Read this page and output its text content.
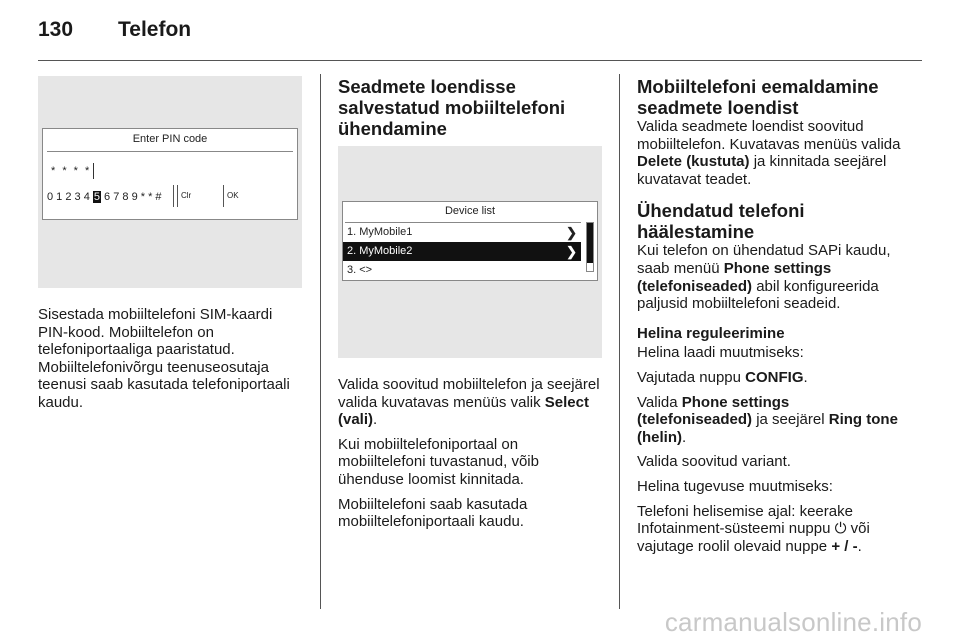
130	Telefon
Enter PIN code
* * * *
0 1 2 3 4 5 6 7 8 9 * * # Clr	OK

Sisestada mobiiltelefoni SIM-kaardi PIN-kood. Mobiiltelefon on telefoniportaaliga paaristatud. Mobiiltelefonivõrgu teenuseosutaja teenusi saab kasutada telefoniportaali kaudu.

Seadmete loendisse salvestatud mobiiltelefoni ühendamine
Device list
1. MyMobile1	❯
2. MyMobile2	❯
3. <>

Valida soovitud mobiiltelefon ja seejärel valida kuvatavas menüüs valik Select (vali).

Kui mobiiltelefoniportaal on mobiiltelefoni tuvastanud, võib ühenduse loomist kinnitada.

Mobiiltelefoni saab kasutada mobiiltelefoniportaali kaudu.

Mobiiltelefoni eemaldamine seadmete loendist

Valida seadmete loendist soovitud mobiiltelefon. Kuvatavas menüüs valida Delete (kustuta) ja kinnitada seejärel kuvatavat teadet.

Ühendatud telefoni häälestamine

Kui telefon on ühendatud SAPi kaudu, saab menüü Phone settings (telefoniseaded) abil konfigureerida paljusid mobiiltelefoni seadeid.

Helina reguleerimine

Helina laadi muutmiseks:

Vajutada nuppu CONFIG.

Valida Phone settings (telefoniseaded) ja seejärel Ring tone (helin).

Valida soovitud variant.

Helina tugevuse muutmiseks:

Telefoni helisemise ajal: keerake Infotainment-süsteemi nuppu ⏻ või vajutage roolil olevaid nuppe + / -.

carmanualsonline.info
